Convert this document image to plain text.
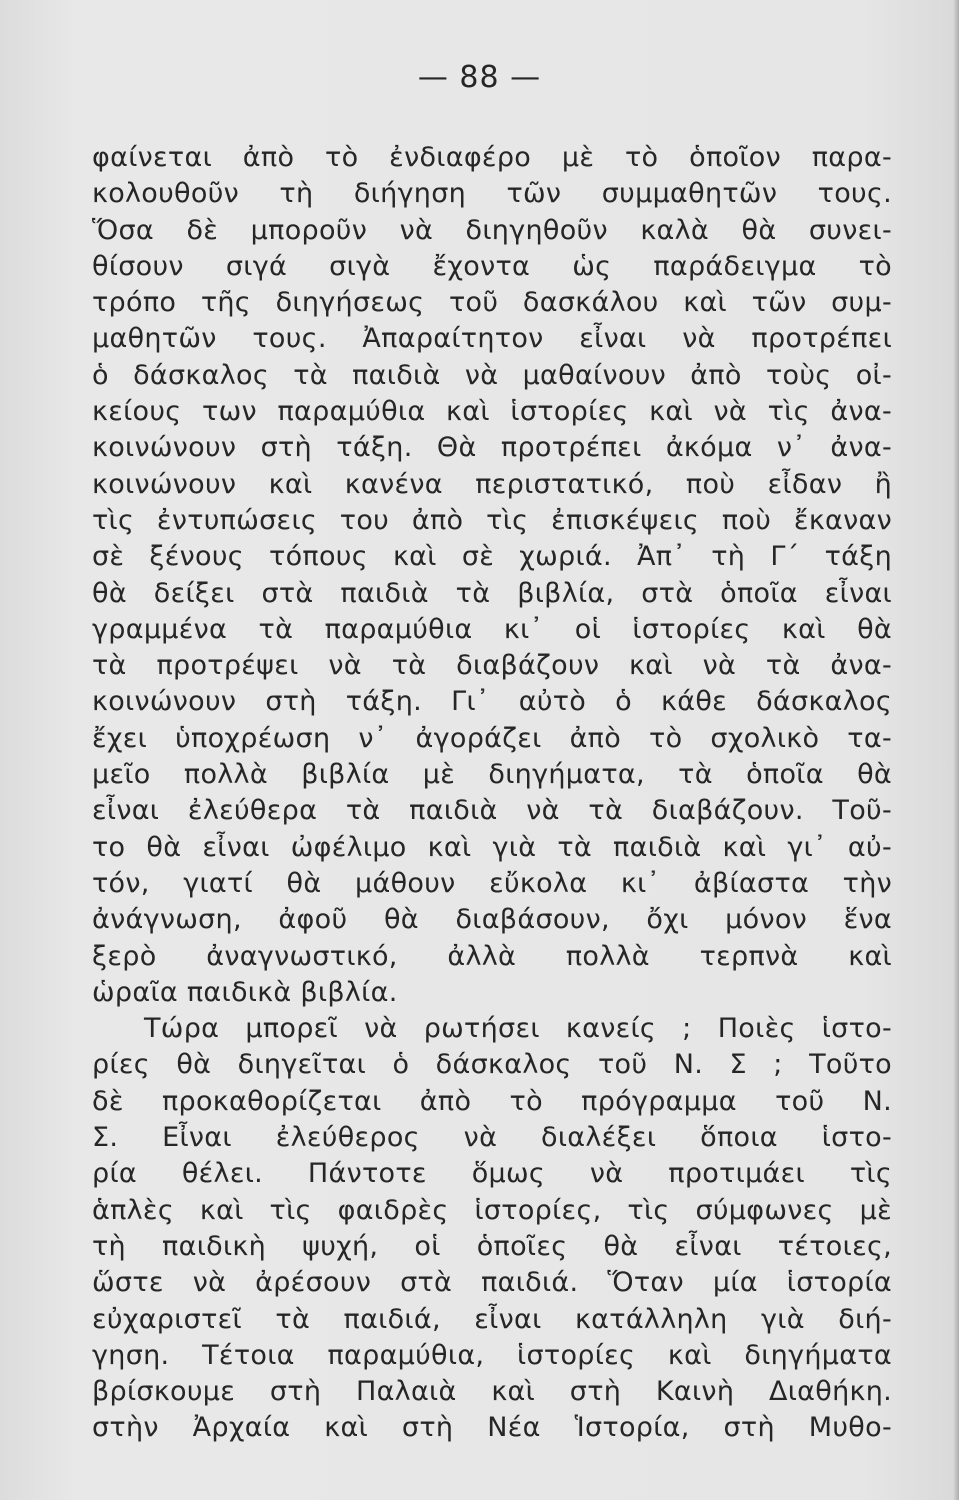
— 88 —
φαίνεται ἀπὸ τὸ ἐνδιαφέρο μὲ τὸ ὁποῖον παρα-
κολουθοῦν τὴ διήγηση τῶν συμμαθητῶν τους.
Ὅσα δὲ μποροῦν νὰ διηγηθοῦν καλὰ θὰ συνει-
θίσουν σιγά σιγὰ ἔχοντα ὡς παράδειγμα τὸ
τρόπο τῆς διηγήσεως τοῦ δασκάλου καὶ τῶν συμ-
μαθητῶν τους. Ἀπαραίτητον εἶναι νὰ προτρέπει
ὁ δάσκαλος τὰ παιδιὰ νὰ μαθαίνουν ἀπὸ τοὺς οἰ-
κείους των παραμύθια καὶ ἱστορίες καὶ νὰ τὶς ἀνα-
κοινώνουν στὴ τάξη. Θὰ προτρέπει ἀκόμα ν᾿ ἀνα-
κοινώνουν καὶ κανένα περιστατικό, ποὺ εἶδαν ἢ
τὶς ἐντυπώσεις του ἀπὸ τὶς ἐπισκέψεις ποὺ ἔκαναν
σὲ ξένους τόπους καὶ σὲ χωριά. Ἀπ᾿ τὴ Γ΄ τάξη
θὰ δείξει στὰ παιδιὰ τὰ βιβλία, στὰ ὁποῖα εἶναι
γραμμένα τὰ παραμύθια κι᾿ οἱ ἱστορίες καὶ θὰ
τὰ προτρέψει νὰ τὰ διαβάζουν καὶ νὰ τὰ ἀνα-
κοινώνουν στὴ τάξη. Γι᾿ αὐτὸ ὁ κάθε δάσκαλος
ἔχει ὑποχρέωση ν᾿ ἀγοράζει ἀπὸ τὸ σχολικὸ τα-
μεῖο πολλὰ βιβλία μὲ διηγήματα, τὰ ὁποῖα θὰ
εἶναι ἐλεύθερα τὰ παιδιὰ νὰ τὰ διαβάζουν. Τοῦ-
το θὰ εἶναι ὠφέλιμο καὶ γιὰ τὰ παιδιὰ καὶ γι᾿ αὐ-
τόν, γιατί θὰ μάθουν εὔκολα κι᾿ ἀβίαστα τὴν
ἀνάγνωση, ἀφοῦ θὰ διαβάσουν, ὄχι μόνον ἕνα
ξερὸ ἀναγνωστικό, ἀλλὰ πολλὰ τερπνὰ καὶ
ὡραῖα παιδικὰ βιβλία.
Τώρα μπορεῖ νὰ ρωτήσει κανείς ; Ποιὲς ἱστο-
ρίες θὰ διηγεῖται ὁ δάσκαλος τοῦ Ν. Σ ; Τοῦτο
δὲ προκαθορίζεται ἀπὸ τὸ πρόγραμμα τοῦ Ν.
Σ. Εἶναι ἐλεύθερος νὰ διαλέξει ὅποια ἱστο-
ρία θέλει. Πάντοτε ὅμως νὰ προτιμάει τὶς
ἁπλὲς καὶ τὶς φαιδρὲς ἱστορίες, τὶς σύμφωνες μὲ
τὴ παιδικὴ ψυχή, οἱ ὁποῖες θὰ εἶναι τέτοιες,
ὥστε νὰ ἀρέσουν στὰ παιδιά. Ὅταν μία ἱστορία
εὐχαριστεῖ τὰ παιδιά, εἶναι κατάλληλη γιὰ διή-
γηση. Τέτοια παραμύθια, ἱστορίες καὶ διηγήματα
βρίσκουμε στὴ Παλαιὰ καὶ στὴ Καινὴ Διαθήκη.
στὴν Ἀρχαία καὶ στὴ Νέα Ἱστορία, στὴ Μυθο-
